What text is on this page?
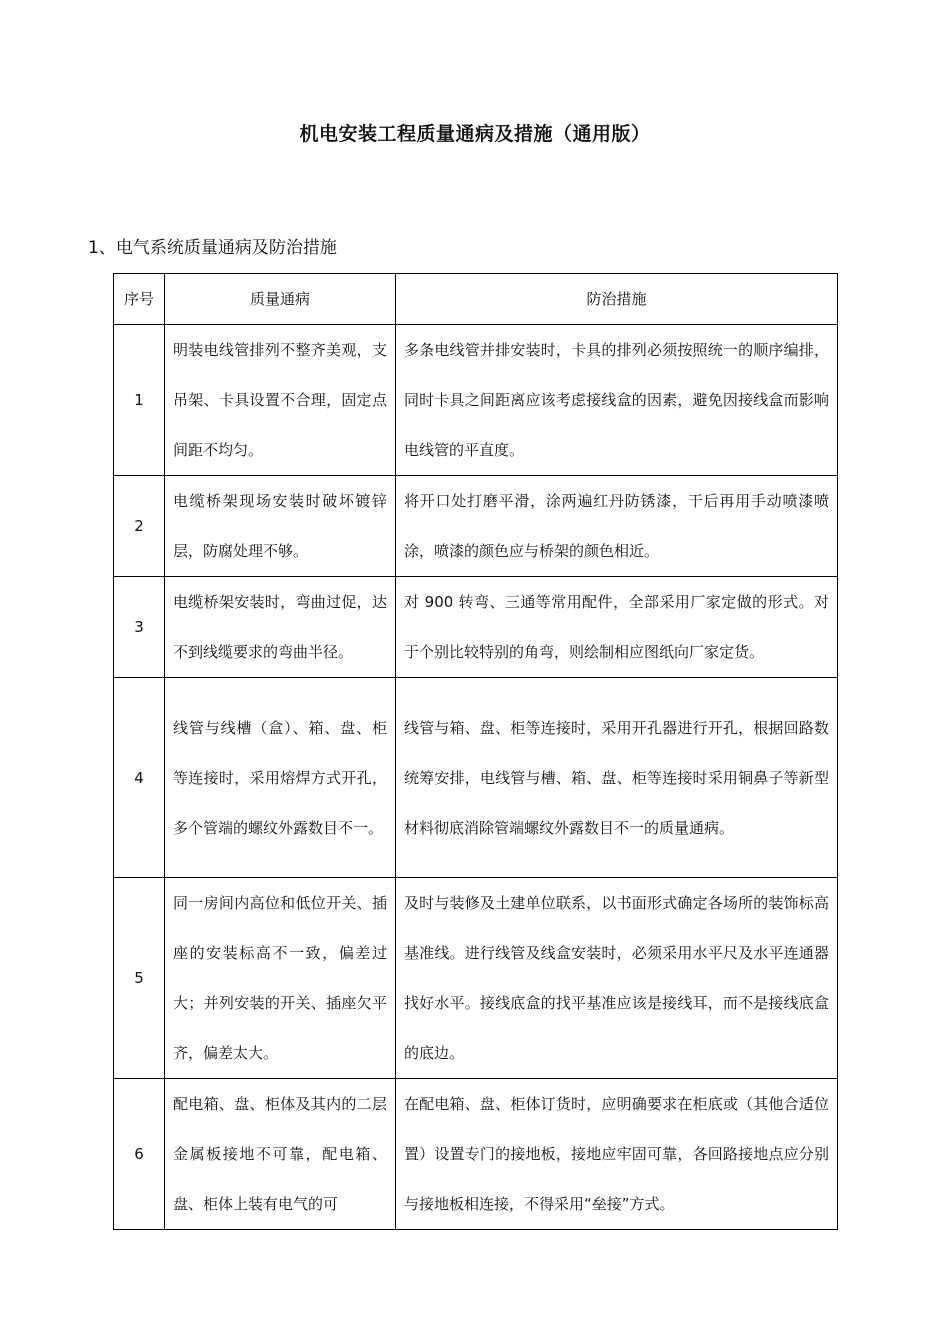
机电安装工程质量通病及措施（通用版）
1、电气系统质量通病及防治措施
序号	质量通病	防治措施
1	明装电线管排列不整齐美观，支吊架、卡具设置不合理，固定点间距不均匀。	多条电线管并排安装时，卡具的排列必须按照统一的顺序编排，同时卡具之间距离应该考虑接线盒的因素，避免因接线盒而影响电线管的平直度。
2	电缆桥架现场安装时破坏镀锌层，防腐处理不够。	将开口处打磨平滑，涂两遍红丹防锈漆，干后再用手动喷漆喷涂，喷漆的颜色应与桥架的颜色相近。
3	电缆桥架安装时，弯曲过促，达不到线缆要求的弯曲半径。	对 900 转弯、三通等常用配件，全部采用厂家定做的形式。对于个别比较特别的角弯，则绘制相应图纸向厂家定货。
4	线管与线槽（盒）、箱、盘、柜等连接时，采用熔焊方式开孔，多个管端的螺纹外露数目不一。	线管与箱、盘、柜等连接时，采用开孔器进行开孔，根据回路数统筹安排，电线管与槽、箱、盘、柜等连接时采用铜鼻子等新型材料彻底消除管端螺纹外露数目不一的质量通病。
5	同一房间内高位和低位开关、插座的安装标高不一致，偏差过大；并列安装的开关、插座欠平齐，偏差太大。	及时与装修及土建单位联系，以书面形式确定各场所的装饰标高基准线。进行线管及线盒安装时，必须采用水平尺及水平连通器找好水平。接线底盒的找平基准应该是接线耳，而不是接线底盒的底边。
6	配电箱、盘、柜体及其内的二层金属板接地不可靠，配电箱、盘、柜体上装有电气的可	在配电箱、盘、柜体订货时，应明确要求在柜底或（其他合适位置）设置专门的接地板，接地应牢固可靠，各回路接地点应分别与接地板相连接，不得采用“垒接”方式。
